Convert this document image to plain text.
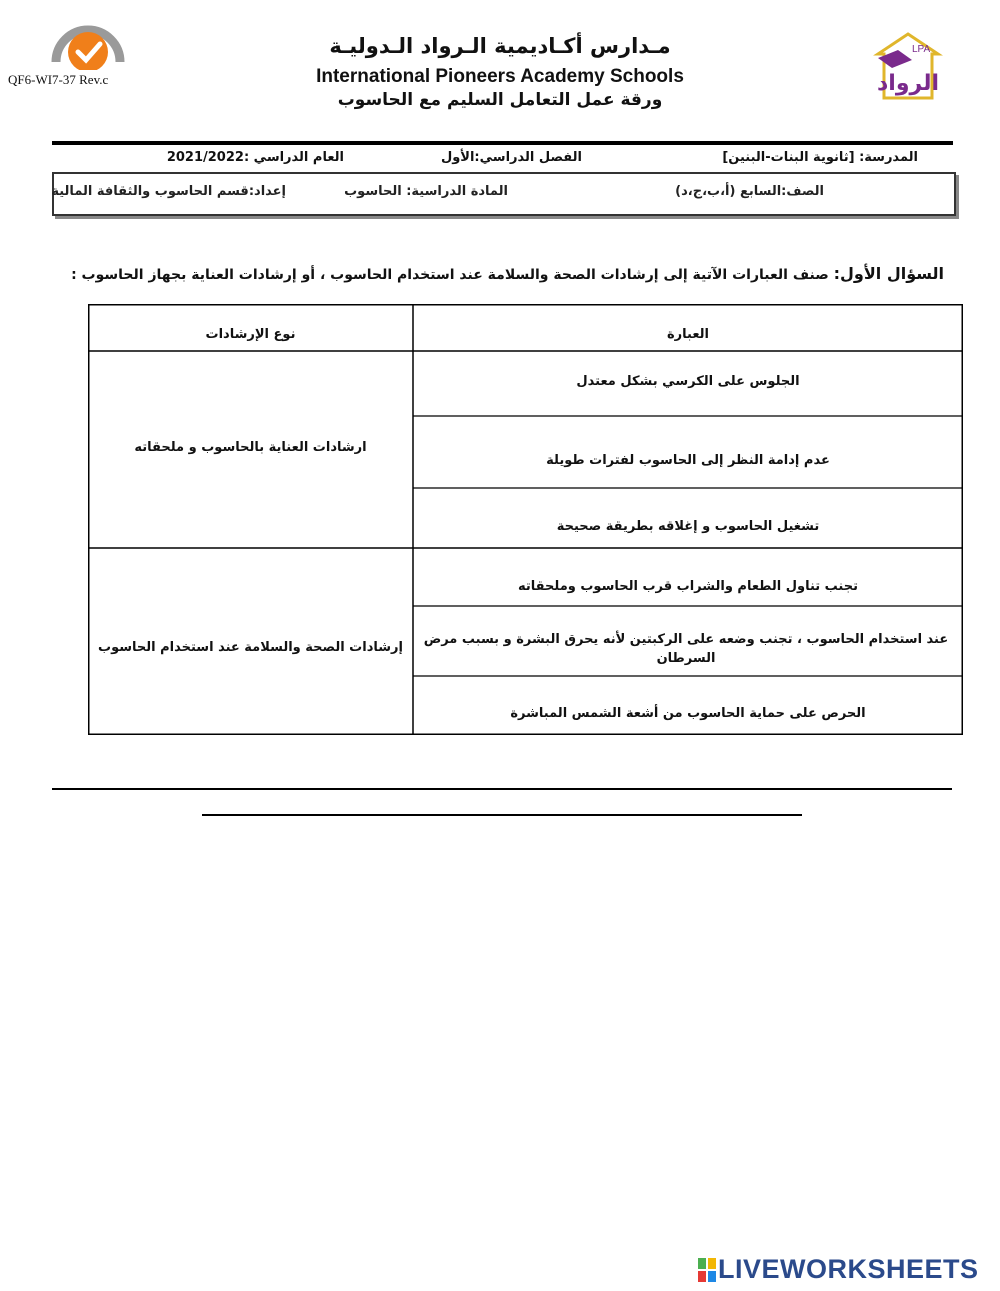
QF6-WI7-37 Rev.c
مـدارس أكـاديمية الـرواد الـدوليـة
International Pioneers Academy Schools
ورقة عمل التعامل السليم مع الحاسوب
LPA
الرواد
المدرسة: [ثانوية البنات-البنين]
الفصل الدراسي:الأول
العام الدراسي :2021/2022
الصف:السابع (أ،ب،ج،د)
المادة الدراسية: الحاسوب
إعداد:قسم الحاسوب والثقافة المالية
السؤال الأول: صنف العبارات الآتية إلى إرشادات الصحة والسلامة عند استخدام الحاسوب ، أو إرشادات العناية بجهاز الحاسوب :
العبارة
نوع الإرشادات
الجلوس على الكرسي بشكل معتدل
عدم إدامة النظر إلى الحاسوب لفترات طويلة
تشغيل الحاسوب و إغلاقه بطريقة صحيحة
تجنب تناول الطعام والشراب قرب الحاسوب وملحقاته
عند استخدام الحاسوب ، تجنب وضعه على الركبتين لأنه يحرق البشرة و بسبب مرض السرطان
الحرص على حماية الحاسوب من أشعة الشمس المباشرة
ارشادات العناية بالحاسوب و ملحقاته
إرشادات الصحة والسلامة عند استخدام الحاسوب
LIVEWORKSHEETS
